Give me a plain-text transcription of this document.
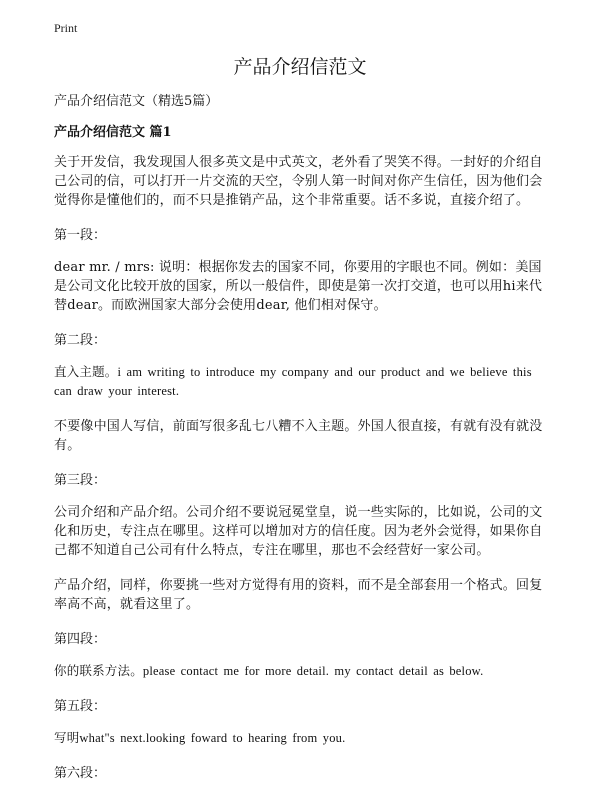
Print
产品介绍信范文

产品介绍信范文（精选5篇）

产品介绍信范文 篇1

关于开发信，我发现国人很多英文是中式英文，老外看了哭笑不得。一封好的介绍自己公司的信，可以打开一片交流的天空，令别人第一时间对你产生信任，因为他们会觉得你是懂他们的，而不只是推销产品，这个非常重要。话不多说，直接介绍了。

第一段：

dear mr. / mrs: 说明：根据你发去的国家不同，你要用的字眼也不同。例如：美国是公司文化比较开放的国家，所以一般信件，即使是第一次打交道，也可以用hi来代替dear。而欧洲国家大部分会使用dear, 他们相对保守。

第二段：

直入主题。i am writing to introduce my company and our product and we believe this can draw your interest.

不要像中国人写信，前面写很多乱七八糟不入主题。外国人很直接，有就有没有就没有。

第三段：

公司介绍和产品介绍。公司介绍不要说冠冕堂皇，说一些实际的，比如说，公司的文化和历史，专注点在哪里。这样可以增加对方的信任度。因为老外会觉得，如果你自己都不知道自己公司有什么特点，专注在哪里，那也不会经营好一家公司。

产品介绍，同样，你要挑一些对方觉得有用的资料，而不是全部套用一个格式。回复率高不高，就看这里了。

第四段：

你的联系方法。please contact me for more detail. my contact detail as below.

第五段：

写明what"s next.looking foward to hearing from you.

第六段：
